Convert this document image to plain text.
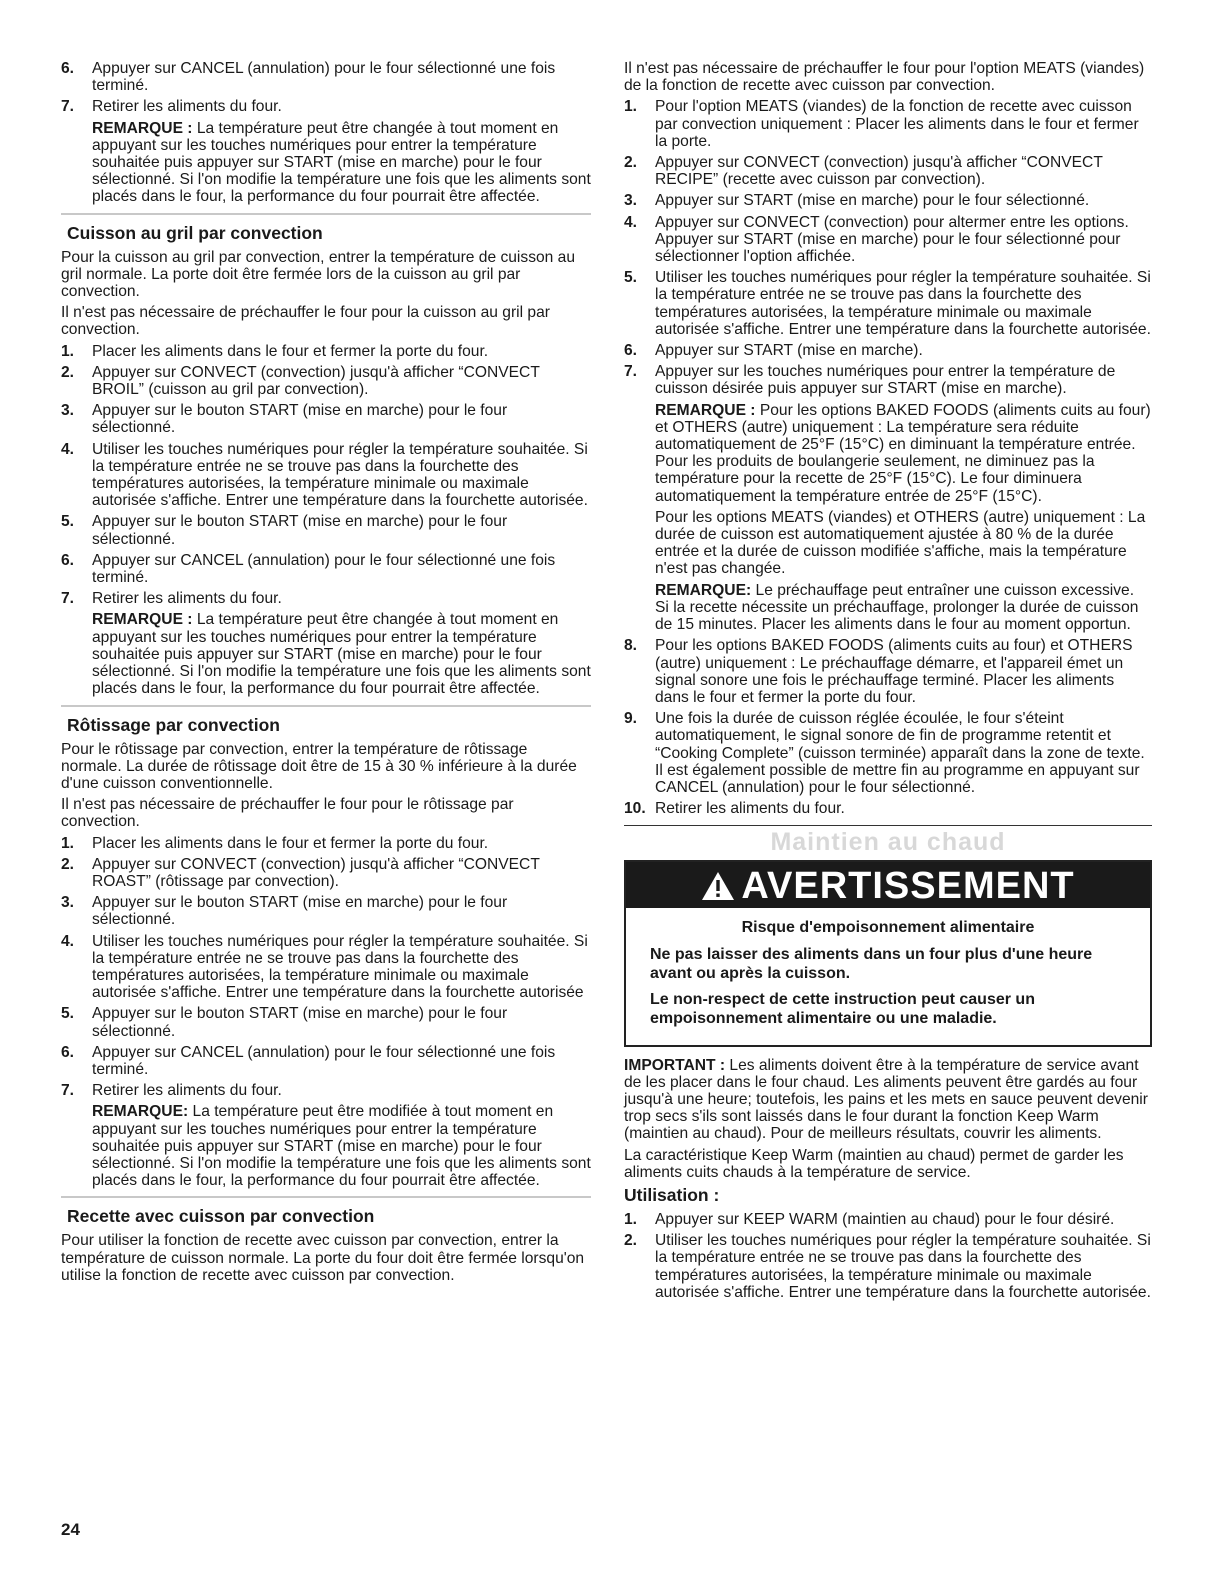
6.	Appuyer sur CANCEL (annulation) pour le four sélectionné une fois terminé.
7.	Retirer les aliments du four.

REMARQUE : La température peut être changée à tout moment en appuyant sur les touches numériques pour entrer la température souhaitée puis appuyer sur START (mise en marche) pour le four sélectionné. Si l'on modifie la température une fois que les aliments sont placés dans le four, la performance du four pourrait être affectée.

Cuisson au gril par convection

Pour la cuisson au gril par convection, entrer la température de cuisson au gril normale. La porte doit être fermée lors de la cuisson au gril par convection.

Il n'est pas nécessaire de préchauffer le four pour la cuisson au gril par convection.

1.	Placer les aliments dans le four et fermer la porte du four.
2.	Appuyer sur CONVECT (convection) jusqu'à afficher “CONVECT BROIL” (cuisson au gril par convection).
3.	Appuyer sur le bouton START (mise en marche) pour le four sélectionné.
4.	Utiliser les touches numériques pour régler la température souhaitée. Si la température entrée ne se trouve pas dans la fourchette des températures autorisées, la température minimale ou maximale autorisée s'affiche. Entrer une température dans la fourchette autorisée.
5.	Appuyer sur le bouton START (mise en marche) pour le four sélectionné.
6.	Appuyer sur CANCEL (annulation) pour le four sélectionné une fois terminé.
7.	Retirer les aliments du four.

REMARQUE : La température peut être changée à tout moment en appuyant sur les touches numériques pour entrer la température souhaitée puis appuyer sur START (mise en marche) pour le four sélectionné. Si l'on modifie la température une fois que les aliments sont placés dans le four, la performance du four pourrait être affectée.

Rôtissage par convection

Pour le rôtissage par convection, entrer la température de rôtissage normale. La durée de rôtissage doit être de 15 à 30 % inférieure à la durée d'une cuisson conventionnelle.

Il n'est pas nécessaire de préchauffer le four pour le rôtissage par convection.

1.	Placer les aliments dans le four et fermer la porte du four.
2.	Appuyer sur CONVECT (convection) jusqu'à afficher “CONVECT ROAST” (rôtissage par convection).
3.	Appuyer sur le bouton START (mise en marche) pour le four sélectionné.
4.	Utiliser les touches numériques pour régler la température souhaitée. Si la température entrée ne se trouve pas dans la fourchette des températures autorisées, la température minimale ou maximale autorisée s'affiche. Entrer une température dans la fourchette autorisée
5.	Appuyer sur le bouton START (mise en marche) pour le four sélectionné.
6.	Appuyer sur CANCEL (annulation) pour le four sélectionné une fois terminé.
7.	Retirer les aliments du four.

REMARQUE: La température peut être modifiée à tout moment en appuyant sur les touches numériques pour entrer la température souhaitée puis appuyer sur START (mise en marche) pour le four sélectionné. Si l'on modifie la température une fois que les aliments sont placés dans le four, la performance du four pourrait être affectée.

Recette avec cuisson par convection

Pour utiliser la fonction de recette avec cuisson par convection, entrer la température de cuisson normale. La porte du four doit être fermée lorsqu'on utilise la fonction de recette avec cuisson par convection.

Il n'est pas nécessaire de préchauffer le four pour l'option MEATS (viandes) de la fonction de recette avec cuisson par convection.

1.	Pour l'option MEATS (viandes) de la fonction de recette avec cuisson par convection uniquement : Placer les aliments dans le four et fermer la porte.
2.	Appuyer sur CONVECT (convection) jusqu'à afficher “CONVECT RECIPE” (recette avec cuisson par convection).
3.	Appuyer sur START (mise en marche) pour le four sélectionné.
4.	Appuyer sur CONVECT (convection) pour altermer entre les options. Appuyer sur START (mise en marche) pour le four sélectionné pour sélectionner l'option affichée.
5.	Utiliser les touches numériques pour régler la température souhaitée. Si la température entrée ne se trouve pas dans la fourchette des températures autorisées, la température minimale ou maximale autorisée s'affiche. Entrer une température dans la fourchette autorisée.
6.	Appuyer sur START (mise en marche).
7.	Appuyer sur les touches numériques pour entrer la température de cuisson désirée puis appuyer sur START (mise en marche).

REMARQUE : Pour les options BAKED FOODS (aliments cuits au four) et OTHERS (autre) uniquement : La température sera réduite automatiquement de 25°F (15°C) en diminuant la température entrée. Pour les produits de boulangerie seulement, ne diminuez pas la température pour la recette de 25°F (15°C). Le four diminuera automatiquement la température entrée de 25°F (15°C).

Pour les options MEATS (viandes) et OTHERS (autre) uniquement : La durée de cuisson est automatiquement ajustée à 80 % de la durée entrée et la durée de cuisson modifiée s'affiche, mais la température n'est pas changée.

REMARQUE: Le préchauffage peut entraîner une cuisson excessive. Si la recette nécessite un préchauffage, prolonger la durée de cuisson de 15 minutes. Placer les aliments dans le four au moment opportun.

8.	Pour les options BAKED FOODS (aliments cuits au four) et OTHERS (autre) uniquement : Le préchauffage démarre, et l'appareil émet un signal sonore une fois le préchauffage terminé. Placer les aliments dans le four et fermer la porte du four.
9.	Une fois la durée de cuisson réglée écoulée, le four s'éteint automatiquement, le signal sonore de fin de programme retentit et “Cooking Complete” (cuisson terminée) apparaît dans la zone de texte. Il est également possible de mettre fin au programme en appuyant sur CANCEL (annulation) pour le four sélectionné.
10. Retirer les aliments du four.
Maintien au chaud
AVERTISSEMENT
Risque d'empoisonnement alimentaire
Ne pas laisser des aliments dans un four plus d'une heure avant ou après la cuisson.
Le non-respect de cette instruction peut causer un empoisonnement alimentaire ou une maladie.

IMPORTANT : Les aliments doivent être à la température de service avant de les placer dans le four chaud. Les aliments peuvent être gardés au four jusqu'à une heure; toutefois, les pains et les mets en sauce peuvent devenir trop secs s'ils sont laissés dans le four durant la fonction Keep Warm (maintien au chaud). Pour de meilleurs résultats, couvrir les aliments.

La caractéristique Keep Warm (maintien au chaud) permet de garder les aliments cuits chauds à la température de service.

Utilisation :
1.	Appuyer sur KEEP WARM (maintien au chaud) pour le four désiré.
2.	Utiliser les touches numériques pour régler la température souhaitée. Si la température entrée ne se trouve pas dans la fourchette des températures autorisées, la température minimale ou maximale autorisée s'affiche. Entrer une température dans la fourchette autorisée.
24
